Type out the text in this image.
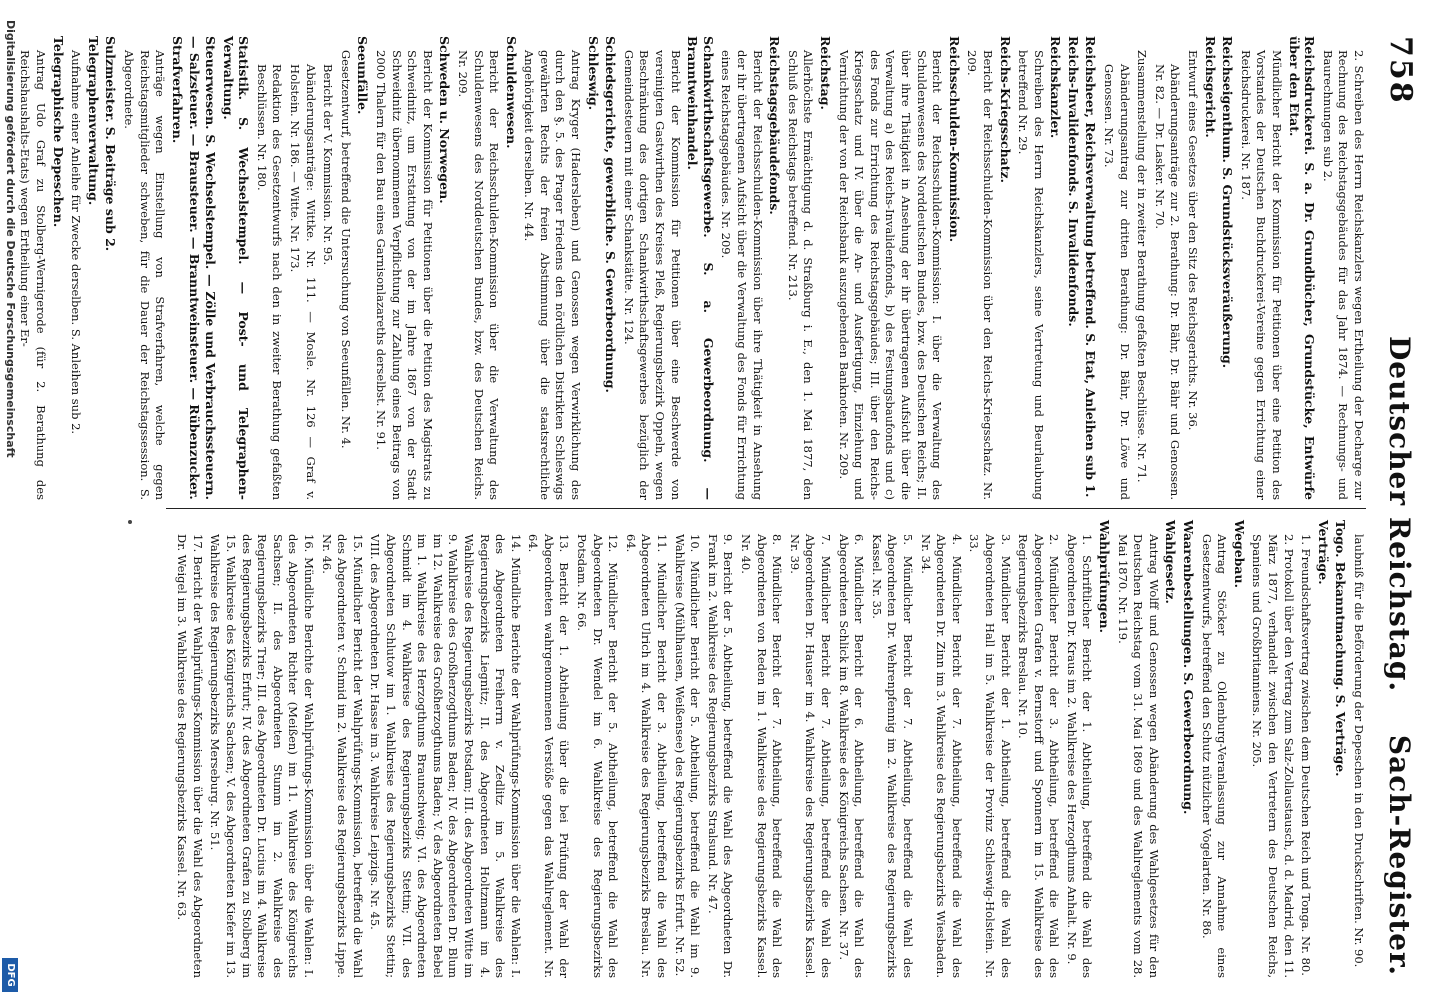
758
Deutscher Reichstag.
Sach-Register.
2. Schreiben des Herrn Reichskanzlers wegen Ertheilung der Decharge zur Rechnung des Reichstagsgebäudes für das Jahr 1874. — Rechnungs- und Baurechnungen sub 2.
Reichsdruckerei. S. a. Dr. Grundbücher, Grundstücke, Entwürfe über den Etat.
Mündlicher Bericht der Kommission für Petitionen über eine Petition des Vorstandes der Deutschen Buchdruckerei-Vereine gegen Errichtung einer Reichsdruckerei. Nr. 187.
Reichseigenthum. S. Grundstücksveräußerung.
Reichsgericht.
Entwurf eines Gesetzes über den Sitz des Reichsgerichts. Nr. 36.
Abänderungsanträge zur 2. Berathung: Dr. Bähr, Dr. Bähr und Genossen. Nr. 82. — Dr. Lasker. Nr. 70.
Zusammenstellung der in zweiter Berathung gefaßten Beschlüsse. Nr. 71.
Abänderungsantrag zur dritten Berathung: Dr. Bähr, Dr. Löwe und Genossen. Nr. 73.
Reichsheer, Reichsverwaltung betreffend. S. Etat, Anleihen sub 1.
Reichs-Invalidenfonds. S. Invalidenfonds.
Reichskanzler.
Schreiben des Herrn Reichskanzlers, seine Vertretung und Beurlaubung betreffend Nr. 29.
Reichs-Kriegsschatz.
Bericht der Reichsschulden-Kommission über den Reichs-Kriegsschatz. Nr. 209.
Reichsschulden-Kommission.
Bericht der Reichsschulden-Kommission: I. über die Verwaltung des Schuldenwesens des Norddeutschen Bundes, bzw. des Deutschen Reichs; II. über ihre Thätigkeit in Ansehung der ihr übertragenen Aufsicht über die Verwaltung a) des Reichs-Invalidenfonds, b) des Festungsbaufonds und c) des Fonds zur Errichtung des Reichstagsgebäudes; III. über den Reichs-Kriegsschatz und IV. über die An- und Ausfertigung, Einziehung und Vernichtung der von der Reichsbank auszugebenden Banknoten. Nr. 209.
Reichstag.
Allerhöchste Ermächtigung d. d. Straßburg i. E., den 1. Mai 1877, den Schluß des Reichstags betreffend. Nr. 213.
Reichstagsgebäudefonds.
Bericht der Reichsschulden-Kommission über ihre Thätigkeit in Ansehung der ihr übertragenen Aufsicht über die Verwaltung des Fonds für Errichtung eines Reichstagsgebäudes. Nr. 209.
Schankwirthschaftsgewerbe. S. a. Gewerbeordnung. — Branntweinhandel.
Bericht der Kommission für Petitionen über eine Beschwerde von vereinigten Gastwirthen des Kreises Pleß, Regierungsbezirk Oppeln, wegen Beschränkung des dortigen Schankwirthschaftsgewerbes bezüglich der Gemeindesteuern mit einer Schankstätte. Nr. 124.
Schiedsgerichte, gewerbliche. S. Gewerbeordnung.
Schleswig.
Antrag Kryger (Hadersleben) und Genossen wegen Verwirklichung des durch den §. 5. des Prager Friedens den nördlichen Distrikten Schleswigs gewährten Rechts der freien Abstimmung über die staatsrechtliche Angehörigkeit derselben. Nr. 44.
Schuldenwesen.
Bericht der Reichsschulden-Kommission über die Verwaltung des Schuldenwesens des Norddeutschen Bundes, bzw. des Deutschen Reichs. Nr. 209.
Schweden u. Norwegen.
Bericht der Kommission für Petitionen über die Petition des Magistrats zu Schweidnitz, um Erstattung von der im Jahre 1867 von der Stadt Schweidnitz übernommenen Verpflichtung zur Zahlung eines Beitrags von 2000 Thalern für den Bau eines Garnisonlazareths derselbst. Nr. 91.
Seeunfälle.
Gesetzentwurf, betreffend die Untersuchung von Seeunfällen. Nr. 4.
Bericht der V. Kommission. Nr. 95.
Abänderungsanträge: Wittke. Nr. 111. — Mosle. Nr. 126 — Graf v. Holstein. Nr. 186. — Witte. Nr. 173.
Redaktion des Gesetzentwurfs nach den in zweiter Berathung gefaßten Beschlüssen. Nr. 180.
Statistik. S. Wechselstempel. — Post- und Telegraphen-Verwaltung.
Steuerwesen. S. Wechselstempel. — Zölle und Verbrauchssteuern. — Salzsteuer. — Brausteuer. — Branntweinsteuer. — Rübenzucker.
Strafverfahren.
Anträge wegen Einstellung von Strafverfahren, welche gegen Reichstagsmitglieder schweben, für die Dauer der Reichstagssession. S. Abgeordnete.
Sulzmeister. S. Beiträge sub 2.
Telegraphenverwaltung.
Aufnahme einer Anleihe für Zwecke derselben. S. Anleihen sub 2.
Telegraphische Depeschen.
Antrag Udo Graf zu Stolberg-Wernigerode (für 2. Berathung des Reichshaushalts-Etats) wegen Ertheilung einer Er-
laubniß für die Beförderung der Depeschen in den Druckschriften. Nr. 90.
Togo. Bekanntmachung. S. Verträge.
Verträge.
1. Freundschaftsvertrag zwischen dem Deutschen Reich und Tonga. Nr. 80.
2. Protokoll über den Vertrag zum Salz-Zollaustausch, d. d. Madrid, den 11. März 1877, verhandelt zwischen den Vertretern des Deutschen Reichs, Spaniens und Großbritanniens. Nr. 205.
Wegebau.
Antrag Stöcker zu Oldenburg-Veranlassung zur Annahme eines Gesetzentwurfs, betreffend den Schutz nützlicher Vogelarten. Nr. 86.
Waarenbestellungen. S. Gewerbeordnung.
Wahlgesetz.
Antrag Wolff und Genossen wegen Abänderung des Wahlgesetzes für den Deutschen Reichstag vom 31. Mai 1869 und des Wahlreglements vom 28. Mai 1870. Nr. 119.
Wahlprüfungen.
1. Schriftlicher Bericht der 1. Abtheilung, betreffend die Wahl des Abgeordneten Dr. Kraus im 2. Wahlkreise des Herzogthums Anhalt. Nr. 9.
2. Mündlicher Bericht der 3. Abtheilung, betreffend die Wahl des Abgeordneten Grafen v. Bernstorff und Sponnern im 15. Wahlkreise des Regierungsbezirks Breslau. Nr. 10.
3. Mündlicher Bericht der 1. Abtheilung, betreffend die Wahl des Abgeordneten Hall im 5. Wahlkreise der Provinz Schleswig-Holstein. Nr. 33.
4. Mündlicher Bericht der 7. Abtheilung, betreffend die Wahl des Abgeordneten Dr. Zinn im 3. Wahlkreise des Regierungsbezirks Wiesbaden. Nr. 34.
5. Mündlicher Bericht der 7. Abtheilung, betreffend die Wahl des Abgeordneten Dr. Wehrenpfennig im 2. Wahlkreise des Regierungsbezirks Kassel. Nr. 35.
6. Mündlicher Bericht der 6. Abtheilung, betreffend die Wahl des Abgeordneten Schlick im 8. Wahlkreise des Königreichs Sachsen. Nr. 37.
7. Mündlicher Bericht der 7. Abtheilung, betreffend die Wahl des Abgeordneten Dr. Hauser im 4. Wahlkreise des Regierungsbezirks Kassel. Nr. 39.
8. Mündlicher Bericht der 7. Abtheilung, betreffend die Wahl des Abgeordneten von Reden im 1. Wahlkreise des Regierungsbezirks Kassel. Nr. 40.
9. Bericht der 5. Abtheilung, betreffend die Wahl des Abgeordneten Dr. Frank im 2. Wahlkreise des Regierungsbezirks Stralsund. Nr. 47.
10. Mündlicher Bericht der 5. Abtheilung, betreffend die Wahl im 9. Wahlkreise (Mühlhausen, Weißensee) des Regierungsbezirks Erfurt. Nr. 52.
11. Mündlicher Bericht der 3. Abtheilung, betreffend die Wahl des Abgeordneten Ulrich im 4. Wahlkreise des Regierungsbezirks Breslau. Nr. 64.
12. Mündlicher Bericht der 5. Abtheilung, betreffend die Wahl des Abgeordneten Dr. Wendel im 6. Wahlkreise des Regierungsbezirks Potsdam. Nr. 66.
13. Bericht der 1. Abtheilung über die bei Prüfung der Wahl der Abgeordneten wahrgenommenen Verstöße gegen das Wahlreglement. Nr. 64.
14. Mündliche Berichte der Wahlprüfungs-Kommission über die Wahlen: I. des Abgeordneten Freiherrn v. Zedlitz im 5. Wahlkreise des Regierungsbezirks Liegnitz; II. des Abgeordneten Holtzmann im 4. Wahlkreise des Regierungsbezirks Potsdam; III. des Abgeordneten Witte im 9. Wahlkreise des Großherzogthums Baden; IV. des Abgeordneten Dr. Blum im 12. Wahlkreise des Großherzogthums Baden; V. des Abgeordneten Bebel im 1. Wahlkreise des Herzogthums Braunschweig; VI. des Abgeordneten Schmidt im 4. Wahlkreise des Regierungsbezirks Stettin; VII. des Abgeordneten Schlutow im 1. Wahlkreise des Regierungsbezirks Stettin; VIII. des Abgeordneten Dr. Hasse im 3. Wahlkreise Leipzigs. Nr. 45.
15. Mündlicher Bericht der Wahlprüfungs-Kommission, betreffend die Wahl des Abgeordneten v. Schmid im 2. Wahlkreise des Regierungsbezirks Lippe. Nr. 46.
16. Mündliche Berichte der Wahlprüfungs-Kommission über die Wahlen: I. des Abgeordneten Richter (Meißen) im 11. Wahlkreise des Königreichs Sachsen; II. des Abgeordneten Stumm im 2. Wahlkreise des Regierungsbezirks Trier; III. des Abgeordneten Dr. Lucius im 4. Wahlkreise des Regierungsbezirks Erfurt; IV. des Abgeordneten Grafen zu Stolberg im 15. Wahlkreise des Königreichs Sachsen; V. des Abgeordneten Kiefer im 13. Wahlkreise des Regierungsbezirks Merseburg. Nr. 51.
17. Bericht der Wahlprüfungs-Kommission über die Wahl des Abgeordneten Dr. Weigel im 3. Wahlkreise des Regierungsbezirks Kassel. Nr. 63.
Digitalisierung gefördert durch die Deutsche Forschungsgemeinschaft
DFG
